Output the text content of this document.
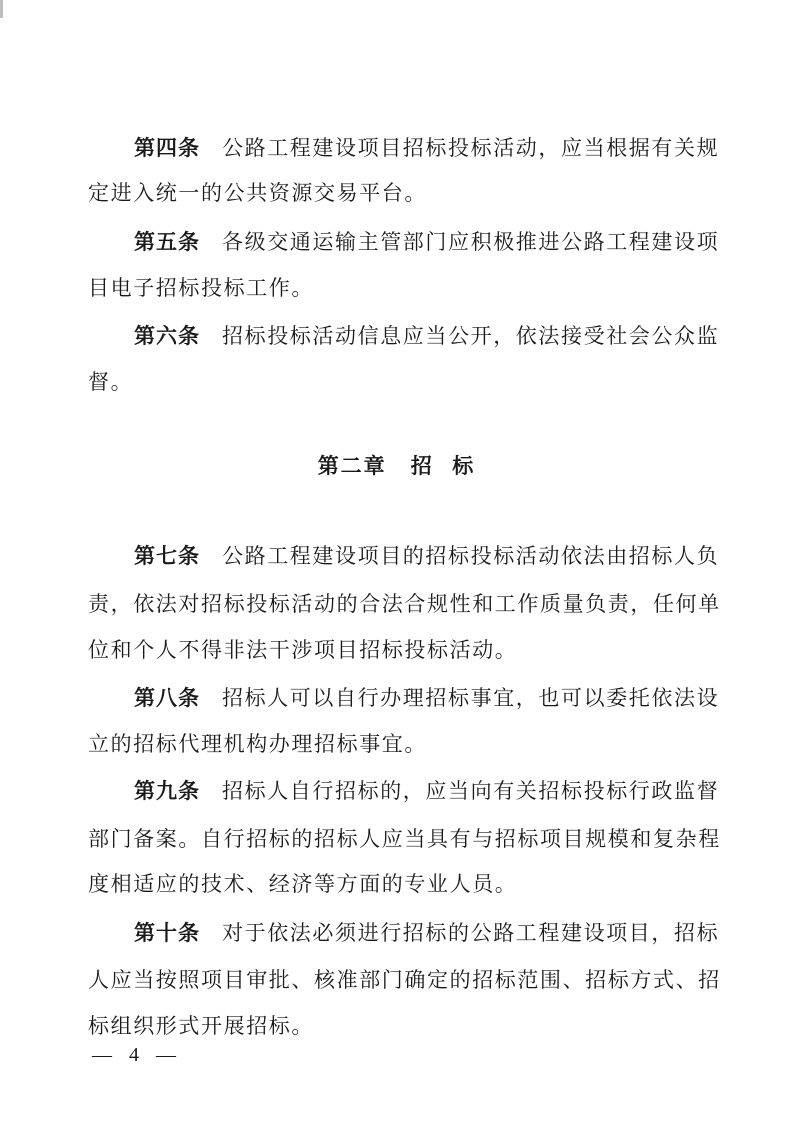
第四条 公路工程建设项目招标投标活动，应当根据有关规
定进入统一的公共资源交易平台。
第五条 各级交通运输主管部门应积极推进公路工程建设项
目电子招标投标工作。
第六条 招标投标活动信息应当公开，依法接受社会公众监
督。
第二章 招  标
第七条 公路工程建设项目的招标投标活动依法由招标人负
责，依法对招标投标活动的合法合规性和工作质量负责，任何单
位和个人不得非法干涉项目招标投标活动。
第八条 招标人可以自行办理招标事宜，也可以委托依法设
立的招标代理机构办理招标事宜。
第九条 招标人自行招标的，应当向有关招标投标行政监督
部门备案。自行招标的招标人应当具有与招标项目规模和复杂程
度相适应的技术、经济等方面的专业人员。
第十条 对于依法必须进行招标的公路工程建设项目，招标
人应当按照项目审批、核准部门确定的招标范围、招标方式、招
标组织形式开展招标。
— 4 —
